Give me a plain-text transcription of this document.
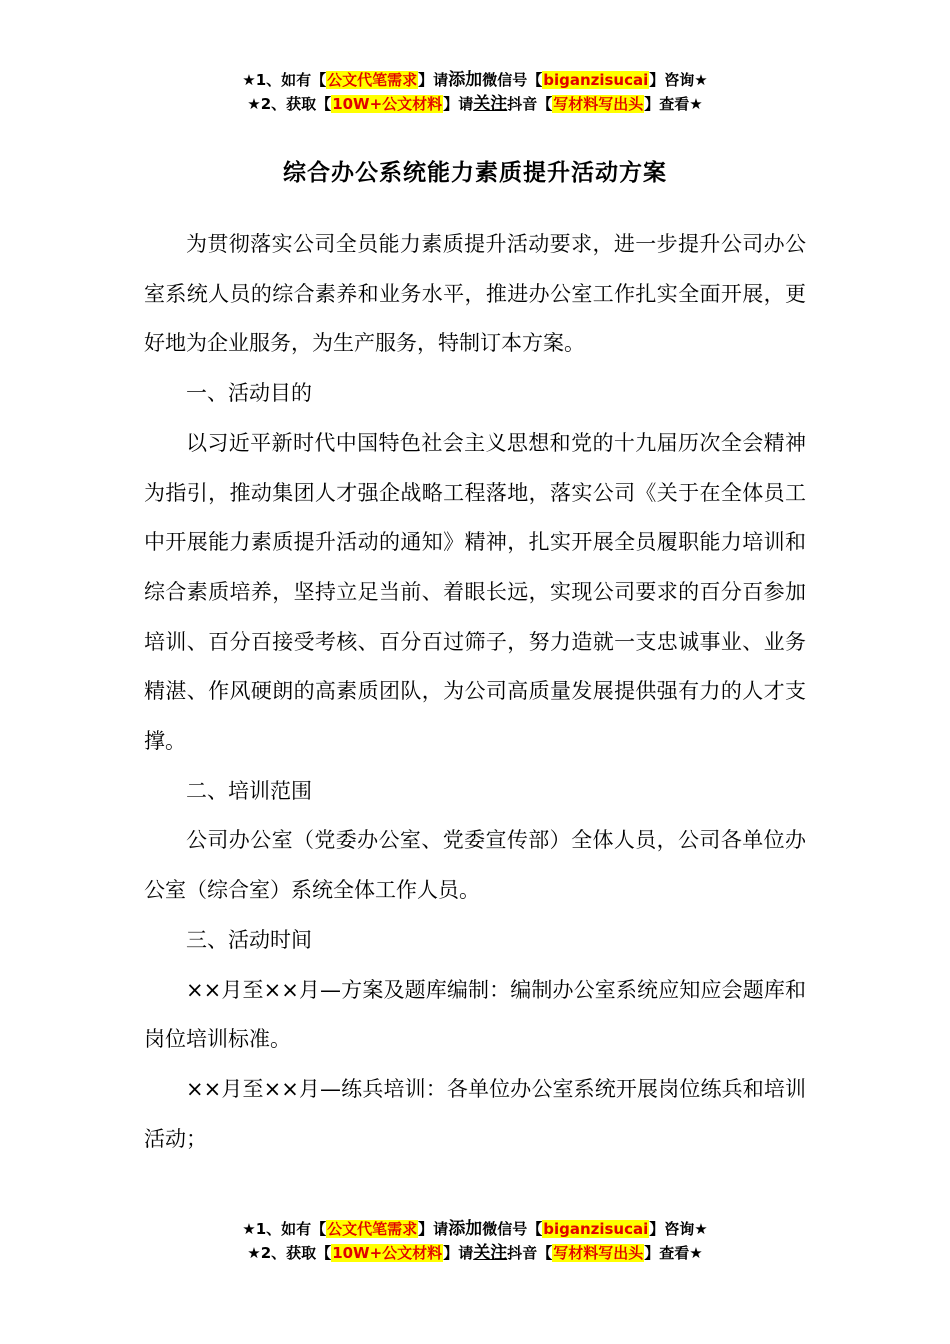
★1、如有【公文代笔需求】请添加微信号【biganzisucai】咨询★
★2、获取【10W+公文材料】请关注抖音【写材料写出头】查看★
综合办公系统能力素质提升活动方案

为贯彻落实公司全员能力素质提升活动要求，进一步提升公司办公室系统人员的综合素养和业务水平，推进办公室工作扎实全面开展，更好地为企业服务，为生产服务，特制订本方案。

一、活动目的

以习近平新时代中国特色社会主义思想和党的十九届历次全会精神为指引，推动集团人才强企战略工程落地，落实公司《关于在全体员工中开展能力素质提升活动的通知》精神，扎实开展全员履职能力培训和综合素质培养，坚持立足当前、着眼长远，实现公司要求的百分百参加培训、百分百接受考核、百分百过筛子，努力造就一支忠诚事业、业务精湛、作风硬朗的高素质团队，为公司高质量发展提供强有力的人才支撑。

二、培训范围

公司办公室（党委办公室、党委宣传部）全体人员，公司各单位办公室（综合室）系统全体工作人员。

三、活动时间

××月至××月—方案及题库编制：编制办公室系统应知应会题库和岗位培训标准。

××月至××月—练兵培训：各单位办公室系统开展岗位练兵和培训活动；

★1、如有【公文代笔需求】请添加微信号【biganzisucai】咨询★
★2、获取【10W+公文材料】请关注抖音【写材料写出头】查看★
